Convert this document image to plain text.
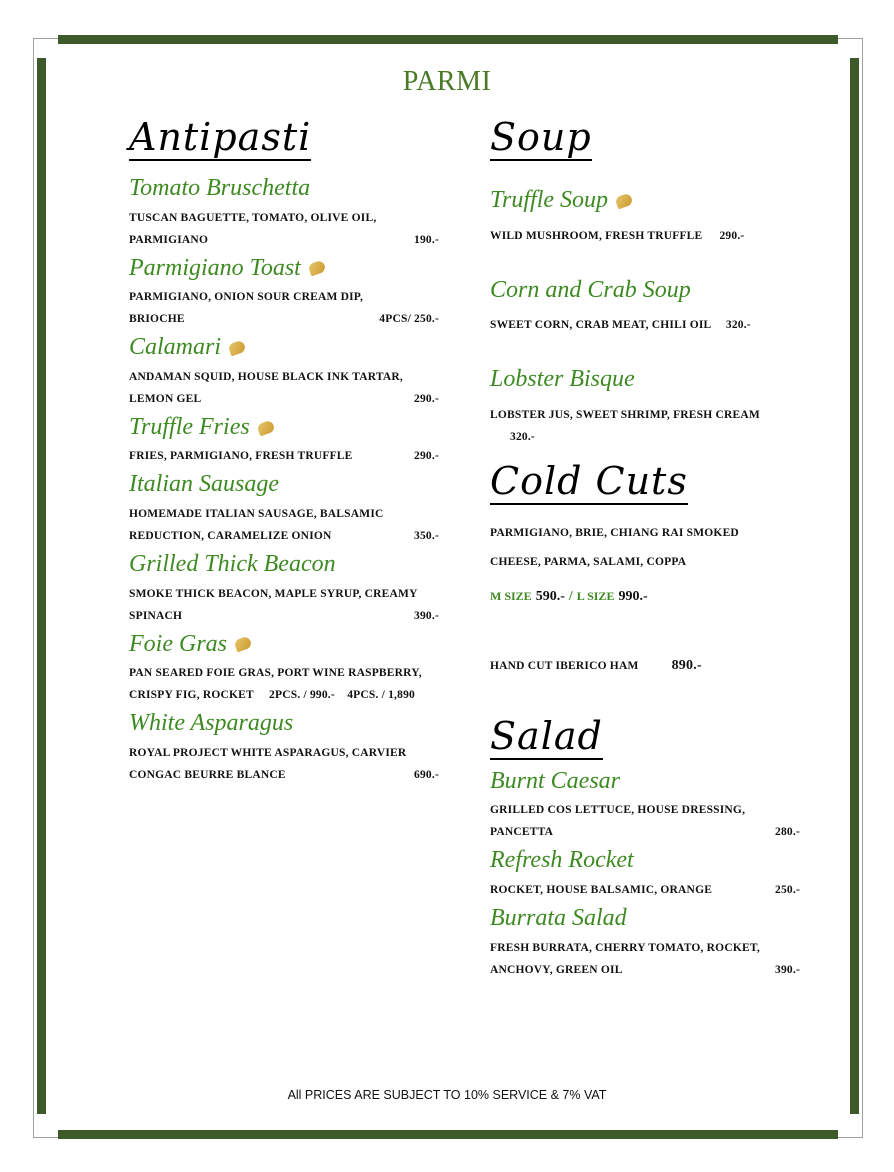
PARMI
Antipasti
Tomato Bruschetta
TUSCAN BAGUETTE, TOMATO, OLIVE OIL,
PARMIGIANO	190.-
Parmigiano Toast
PARMIGIANO, ONION SOUR CREAM DIP,
BRIOCHE	4PCS/ 250.-
Calamari
ANDAMAN SQUID, HOUSE BLACK INK TARTAR,
LEMON GEL	290.-
Truffle Fries
FRIES, PARMIGIANO, FRESH TRUFFLE	290.-
Italian Sausage
HOMEMADE ITALIAN SAUSAGE, BALSAMIC
REDUCTION, CARAMELIZE ONION	350.-
Grilled Thick Beacon
SMOKE THICK BEACON, MAPLE SYRUP, CREAMY
SPINACH	390.-
Foie Gras
PAN SEARED FOIE GRAS, PORT WINE RASPBERRY,
CRISPY FIG, ROCKET     2PCS. / 990.-    4PCS. / 1,890
White Asparagus
ROYAL PROJECT WHITE ASPARAGUS, CARVIER
CONGAC BEURRE BLANCE	690.-
Soup
Truffle Soup
WILD MUSHROOM, FRESH TRUFFLE 290.-
Corn and Crab Soup
SWEET CORN, CRAB MEAT, CHILI OIL 320.-
Lobster Bisque
LOBSTER JUS, SWEET SHRIMP, FRESH CREAM 320.-
Cold Cuts
PARMIGIANO, BRIE, CHIANG RAI SMOKED
CHEESE, PARMA, SALAMI, COPPA
M SIZE 590.- / L SIZE 990.-
HAND CUT IBERICO HAM 890.-
Salad
Burnt Caesar
GRILLED COS LETTUCE, HOUSE DRESSING,
PANCETTA	280.-
Refresh Rocket
ROCKET, HOUSE BALSAMIC, ORANGE	250.-
Burrata Salad
FRESH BURRATA, CHERRY TOMATO, ROCKET,
ANCHOVY, GREEN OIL	390.-
All PRICES ARE SUBJECT TO 10% SERVICE & 7% VAT
